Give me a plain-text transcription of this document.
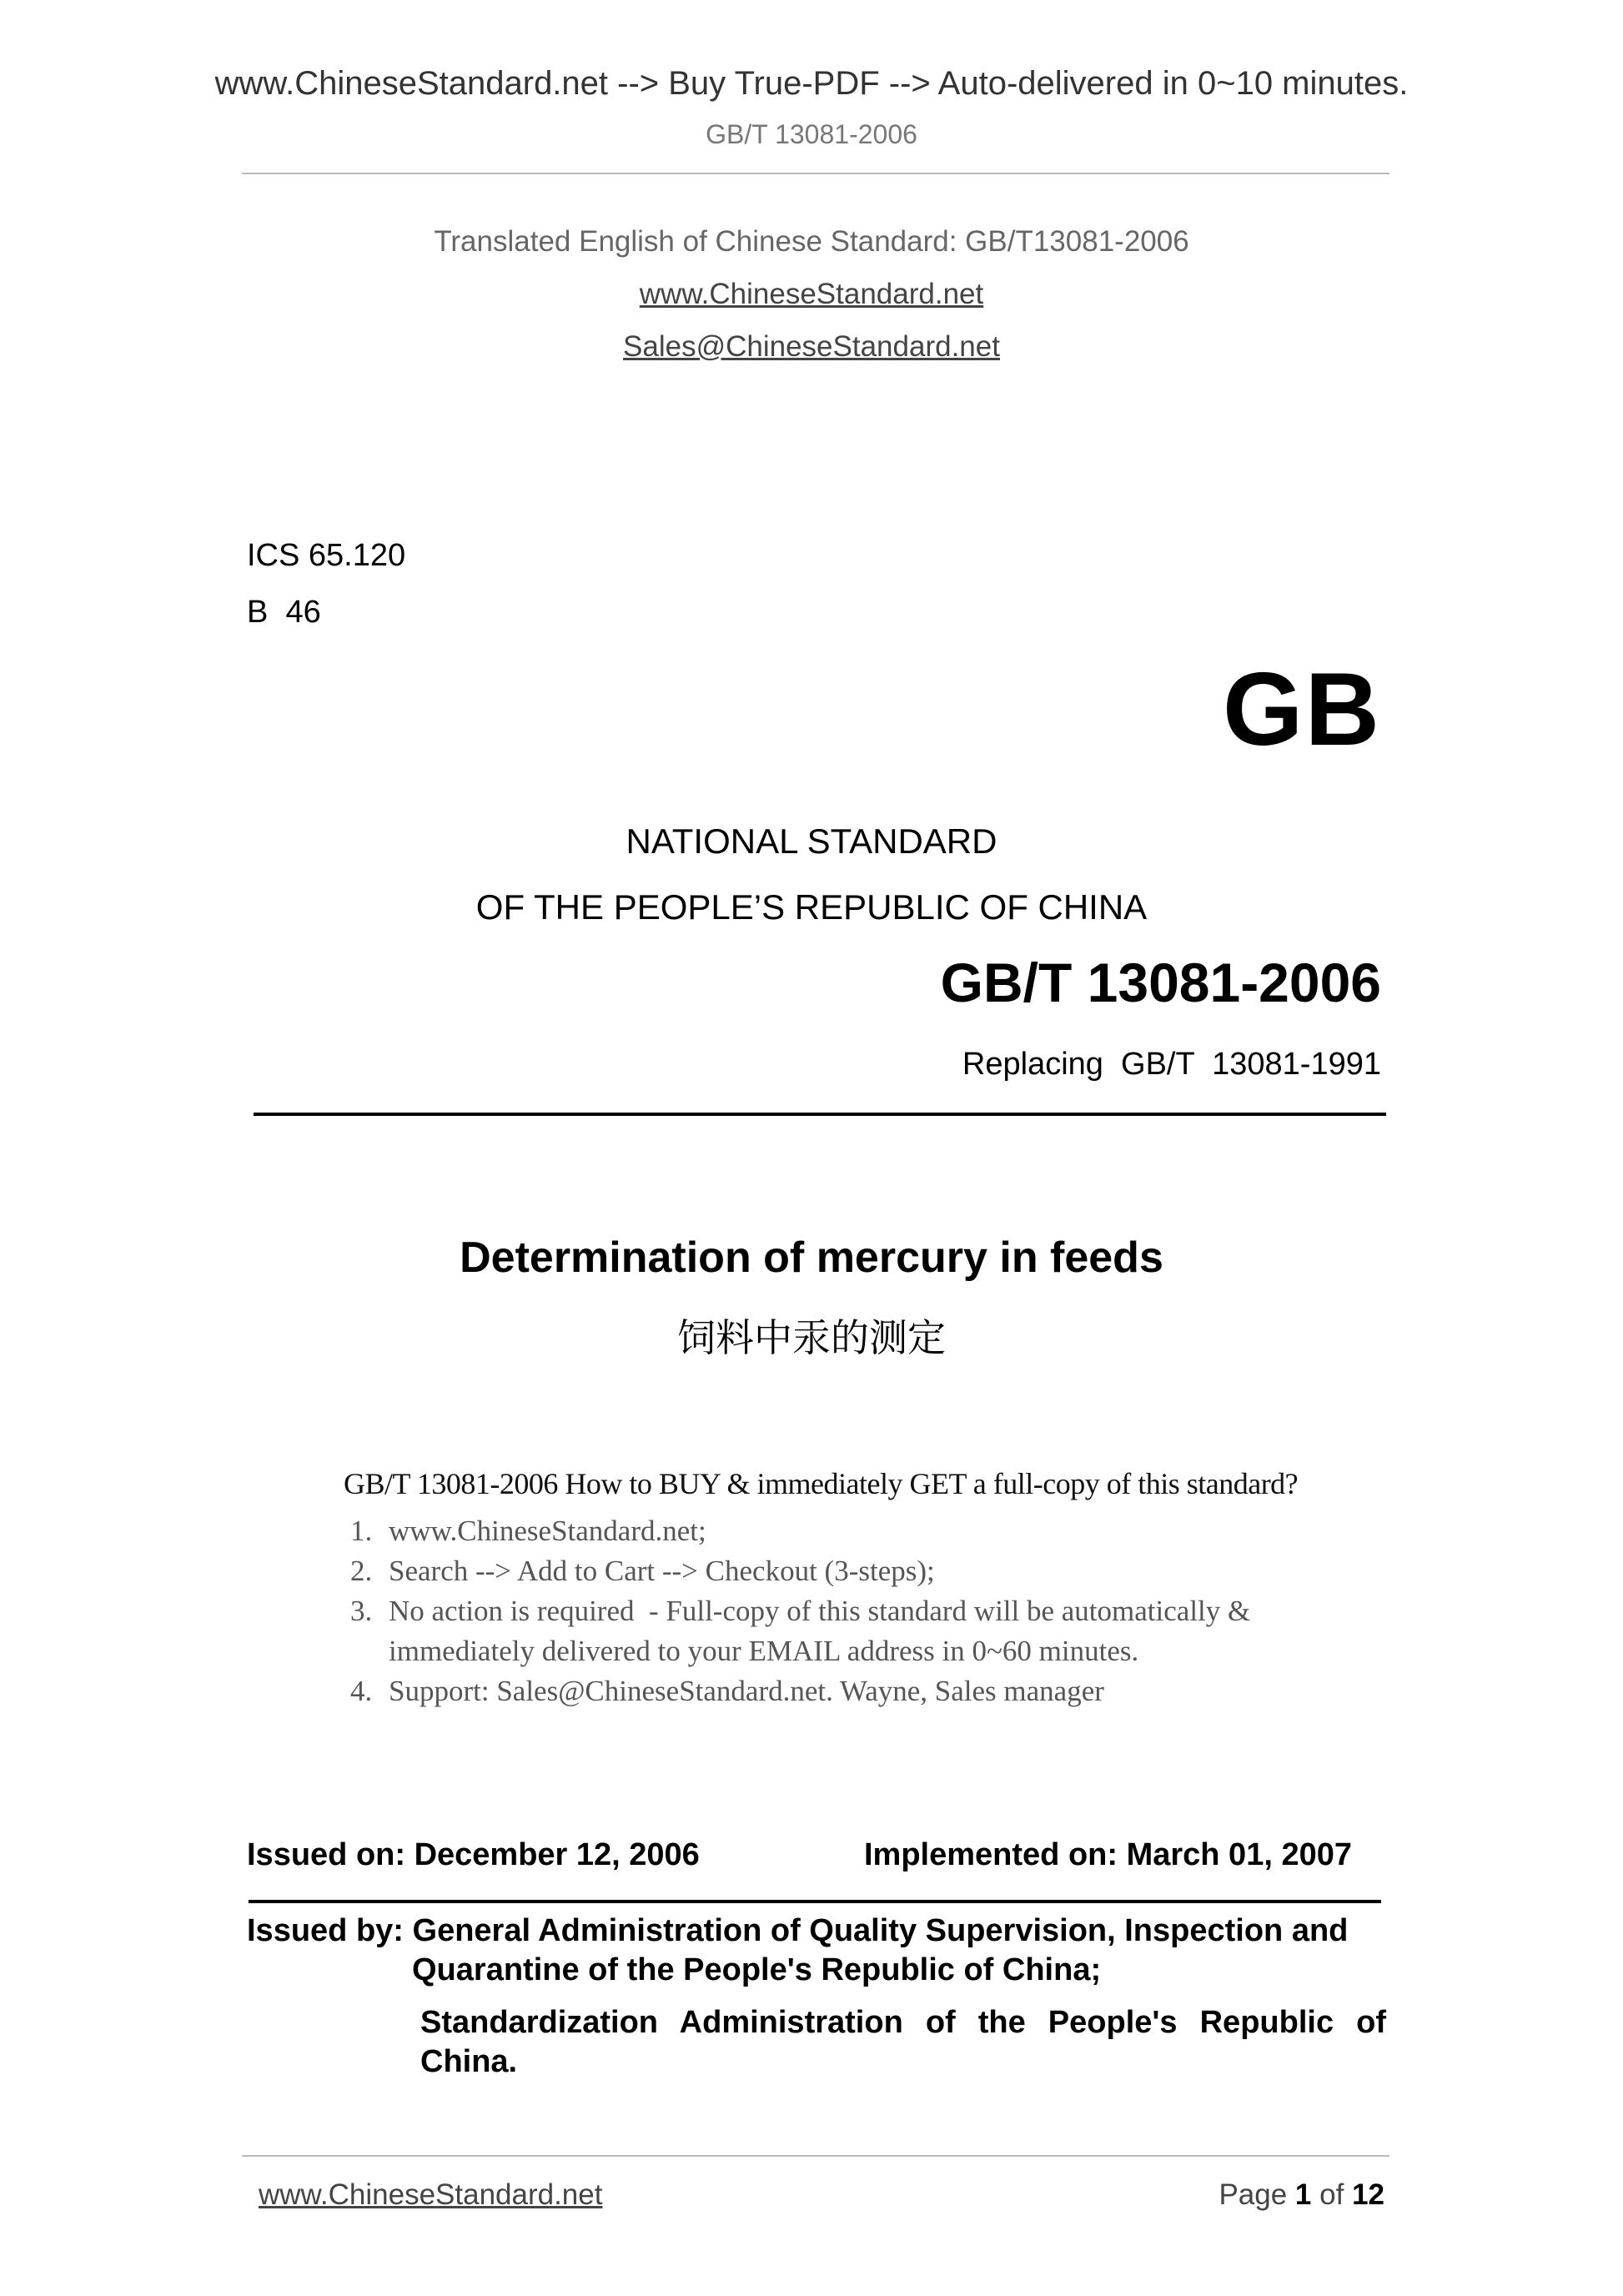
www.ChineseStandard.net --> Buy True-PDF --> Auto-delivered in 0~10 minutes.
GB/T 13081-2006
Translated English of Chinese Standard: GB/T13081-2006
www.ChineseStandard.net
Sales@ChineseStandard.net
ICS 65.120
B  46
GB
NATIONAL STANDARD
OF THE PEOPLE’S REPUBLIC OF CHINA
GB/T 13081-2006
Replacing  GB/T  13081-1991
Determination of mercury in feeds
饲料中汞的测定
GB/T 13081-2006 How to BUY & immediately GET a full-copy of this standard?
1. www.ChineseStandard.net;
2. Search --> Add to Cart --> Checkout (3-steps);
3. No action is required  - Full-copy of this standard will be automatically & immediately delivered to your EMAIL address in 0~60 minutes.
4. Support: Sales@ChineseStandard.net. Wayne, Sales manager
Issued on: December 12, 2006	Implemented on: March 01, 2007
Issued by: General Administration of Quality Supervision, Inspection and
Quarantine of the People's Republic of China;
Standardization Administration of the People's Republic of China.
www.ChineseStandard.net	Page 1 of 12
